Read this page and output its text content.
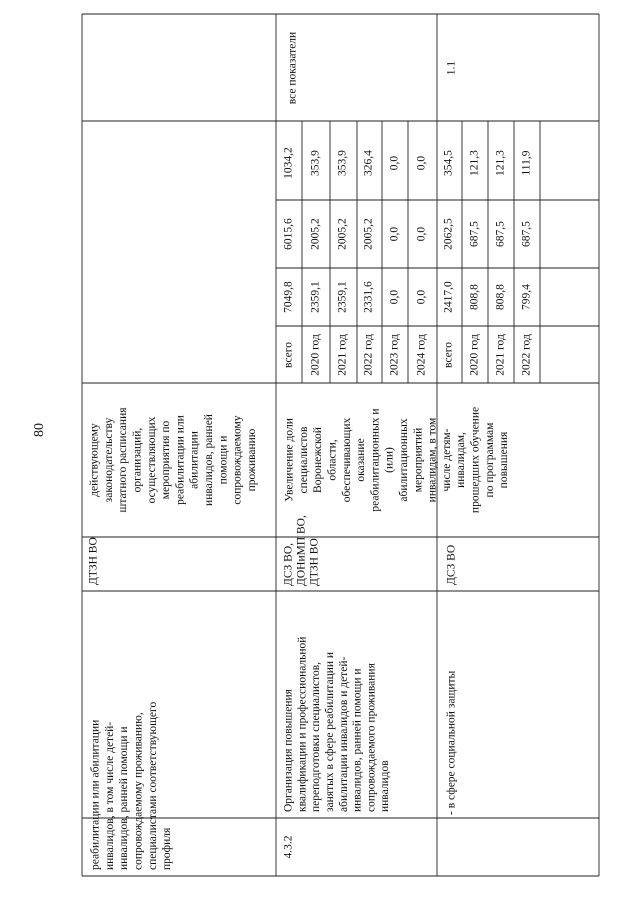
80
реабилитации или абилитации инвалидов, в том числе детей- инвалидов, ранней помощи и сопровождаемому проживанию, специалистами соответствующего профиля
ДТЗН ВО
действующему законодательству штатного расписания организаций, осуществляющих мероприятия по реабилитации или абилитации инвалидов, ранней помощи и сопровождаемому проживанию
все показатели
4.3.2
Организация повышения квалификации и профессиональной переподготовки специалистов, занятых в сфере реабилитации и абилитации инвалидов и детей- инвалидов, ранней помощи и сопровождаемого проживания инвалидов
ДСЗ ВО, ДОНиМП ВО, ДТЗН ВО
Увеличение доли специалистов Воронежской области, обеспечивающих оказание реабилитационных и (или) абилитационных мероприятий инвалидам, в том числе детям- инвалидам, прошедших обучение по программам повышения
всего
7049,8
6015,6
1034,2
2020 год
2359,1
2005,2
353,9
2021 год
2359,1
2005,2
353,9
2022 год
2331,6
2005,2
326,4
2023 год
0,0
0,0
0,0
2024 год
0,0
0,0
0,0
- в сфере социальной защиты
ДСЗ ВО
1.1
всего
2417,0
2062,5
354,5
2020 год
808,8
687,5
121,3
2021 год
808,8
687,5
121,3
2022 год
799,4
687,5
111,9
